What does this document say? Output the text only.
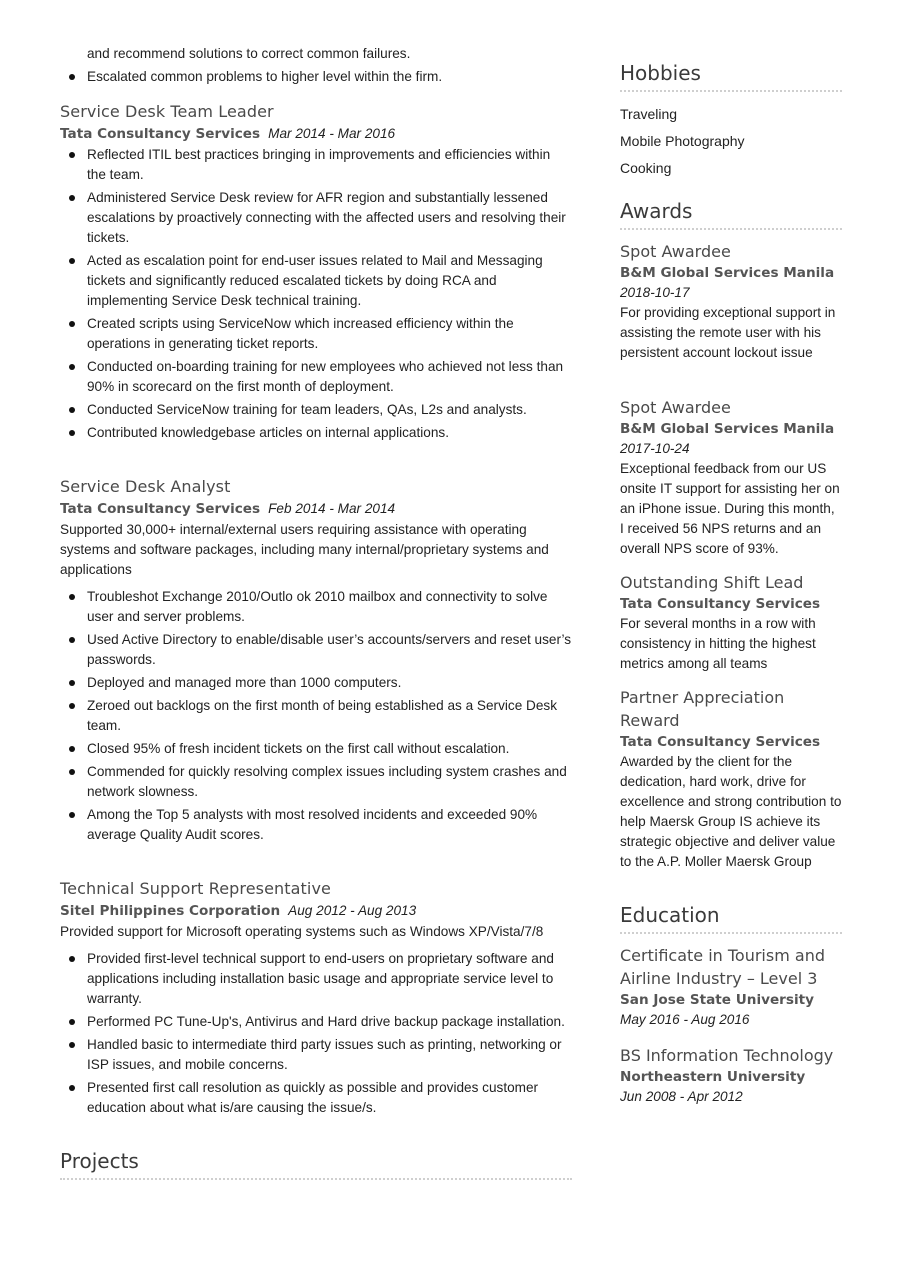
and recommend solutions to correct common failures.
Escalated common problems to higher level within the firm.
Service Desk Team Leader
Tata Consultancy Services Mar 2014 - Mar 2016
Reflected ITIL best practices bringing in improvements and efficiencies within the team.
Administered Service Desk review for AFR region and substantially lessened escalations by proactively connecting with the affected users and resolving their tickets.
Acted as escalation point for end-user issues related to Mail and Messaging tickets and significantly reduced escalated tickets by doing RCA and implementing Service Desk technical training.
Created scripts using ServiceNow which increased efficiency within the operations in generating ticket reports.
Conducted on-boarding training for new employees who achieved not less than 90% in scorecard on the first month of deployment.
Conducted ServiceNow training for team leaders, QAs, L2s and analysts.
Contributed knowledgebase articles on internal applications.
Service Desk Analyst
Tata Consultancy Services Feb 2014 - Mar 2014
Supported 30,000+ internal/external users requiring assistance with operating systems and software packages, including many internal/proprietary systems and applications
Troubleshot Exchange 2010/Outlo ok 2010 mailbox and connectivity to solve user and server problems.
Used Active Directory to enable/disable user’s accounts/servers and reset user’s passwords.
Deployed and managed more than 1000 computers.
Zeroed out backlogs on the first month of being established as a Service Desk team.
Closed 95% of fresh incident tickets on the first call without escalation.
Commended for quickly resolving complex issues including system crashes and network slowness.
Among the Top 5 analysts with most resolved incidents and exceeded 90% average Quality Audit scores.
Technical Support Representative
Sitel Philippines Corporation Aug 2012 - Aug 2013
Provided support for Microsoft operating systems such as Windows XP/Vista/7/8
Provided first-level technical support to end-users on proprietary software and applications including installation basic usage and appropriate service level to warranty.
Performed PC Tune-Up's, Antivirus and Hard drive backup package installation.
Handled basic to intermediate third party issues such as printing, networking or ISP issues, and mobile concerns.
Presented first call resolution as quickly as possible and provides customer education about what is/are causing the issue/s.
Projects
Hobbies
Traveling
Mobile Photography
Cooking
Awards
Spot Awardee
B&M Global Services Manila
2018-10-17
For providing exceptional support in assisting the remote user with his persistent account lockout issue
Spot Awardee
B&M Global Services Manila
2017-10-24
Exceptional feedback from our US onsite IT support for assisting her on an iPhone issue. During this month, I received 56 NPS returns and an overall NPS score of 93%.
Outstanding Shift Lead
Tata Consultancy Services
For several months in a row with consistency in hitting the highest metrics among all teams
Partner Appreciation Reward
Tata Consultancy Services
Awarded by the client for the dedication, hard work, drive for excellence and strong contribution to help Maersk Group IS achieve its strategic objective and deliver value to the A.P. Moller Maersk Group
Education
Certificate in Tourism and Airline Industry – Level 3
San Jose State University
May 2016 - Aug 2016
BS Information Technology
Northeastern University
Jun 2008 - Apr 2012
